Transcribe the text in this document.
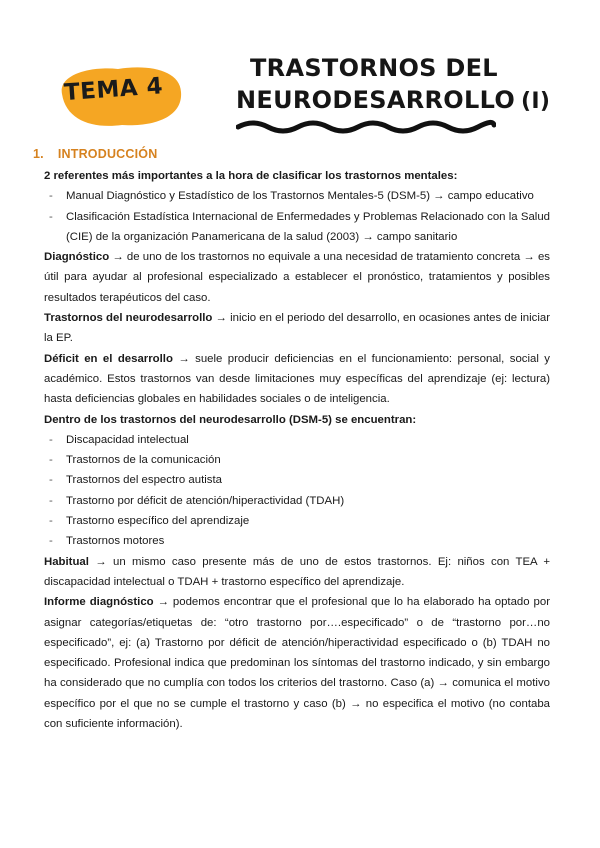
TEMA 4
TRASTORNOS DEL
NEURODESARROLLO (I)
1. INTRODUCCIÓN

2 referentes más importantes a la hora de clasificar los trastornos mentales:

- Manual Diagnóstico y Estadístico de los Trastornos Mentales-5 (DSM-5) → campo educativo
- Clasificación Estadística Internacional de Enfermedades y Problemas Relacionado con la Salud (CIE) de la organización Panamericana de la salud (2003) → campo sanitario

Diagnóstico → de uno de los trastornos no equivale a una necesidad de tratamiento concreta → es útil para ayudar al profesional especializado a establecer el pronóstico, tratamientos y posibles resultados terapéuticos del caso.

Trastornos del neurodesarrollo → inicio en el periodo del desarrollo, en ocasiones antes de iniciar la EP.

Déficit en el desarrollo → suele producir deficiencias en el funcionamiento: personal, social y académico. Estos trastornos van desde limitaciones muy específicas del aprendizaje (ej: lectura) hasta deficiencias globales en habilidades sociales o de inteligencia.

Dentro de los trastornos del neurodesarrollo (DSM-5) se encuentran:

- Discapacidad intelectual
- Trastornos de la comunicación
- Trastornos del espectro autista
- Trastorno por déficit de atención/hiperactividad (TDAH)
- Trastorno específico del aprendizaje
- Trastornos motores

Habitual → un mismo caso presente más de uno de estos trastornos. Ej: niños con TEA + discapacidad intelectual o TDAH + trastorno específico del aprendizaje.

Informe diagnóstico → podemos encontrar que el profesional que lo ha elaborado ha optado por asignar categorías/etiquetas de: “otro trastorno por….especificado” o de “trastorno por…no especificado”, ej: (a) Trastorno por déficit de atención/hiperactividad especificado o (b) TDAH no especificado. Profesional indica que predominan los síntomas del trastorno indicado, y sin embargo ha considerado que no cumplía con todos los criterios del trastorno. Caso (a) → comunica el motivo específico por el que no se cumple el trastorno y caso (b) → no especifica el motivo (no contaba con suficiente información).
